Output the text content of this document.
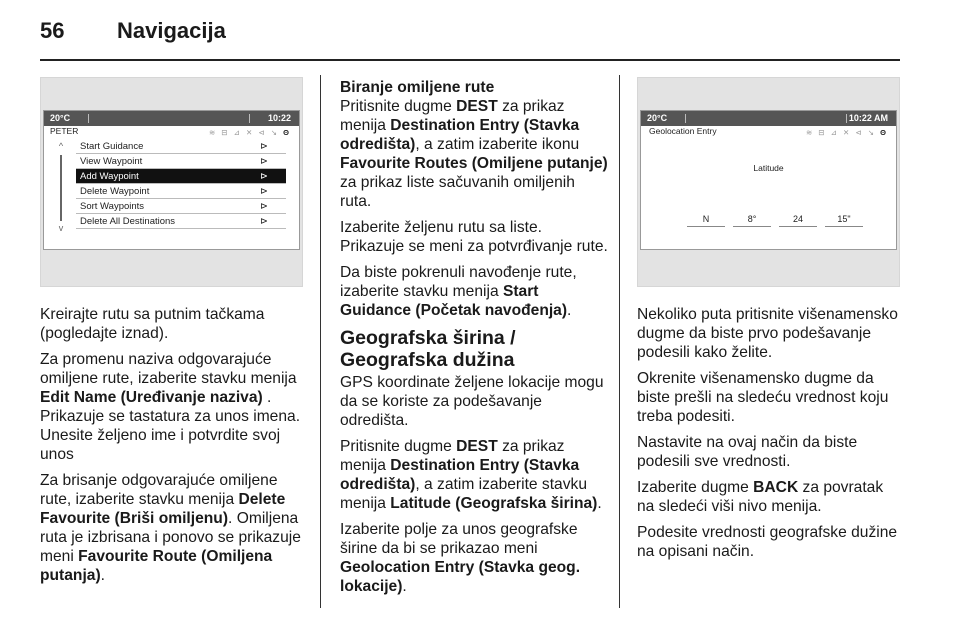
56 Navigacija
20°C	10:22
PETER	≋ ⊟ ⊿ ✕ ⊲ ↘ ʘ
^
v
Start Guidance	⊳
View Waypoint	⊳
Add Waypoint	⊳
Delete Waypoint	⊳
Sort Waypoints	⊳
Delete All Destinations	⊳

Kreirajte rutu sa putnim tačkama (pogledajte iznad).

Za promenu naziva odgovarajuće omiljene rute, izaberite stavku menija Edit Name (Uređivanje naziva) . Prikazuje se tastatura za unos imena. Unesite željeno ime i potvrdite svoj unos

Za brisanje odgovarajuće omiljene rute, izaberite stavku menija Delete Favourite (Briši omiljenu). Omiljena ruta je izbrisana i ponovo se prikazuje meni Favourite Route (Omiljena putanja).

Biranje omiljene rute

Pritisnite dugme DEST za prikaz menija Destination Entry (Stavka odredišta), a zatim izaberite ikonu Favourite Routes (Omiljene putanje) za prikaz liste sačuvanih omiljenih ruta.

Izaberite željenu rutu sa liste. Prikazuje se meni za potvrđivanje rute.

Da biste pokrenuli navođenje rute, izaberite stavku menija Start Guidance (Početak navođenja).

Geografska širina / Geografska dužina

GPS koordinate željene lokacije mogu da se koriste za podešavanje odredišta.

Pritisnite dugme DEST za prikaz menija Destination Entry (Stavka odredišta), a zatim izaberite stavku menija Latitude (Geografska širina).

Izaberite polje za unos geografske širine da bi se prikazao meni Geolocation Entry (Stavka geog. lokacije).

20°C	10:22 AM
Geolocation Entry	≋ ⊟ ⊿ ✕ ⊲ ↘ ʘ
Latitude
N	8°	24	15"

Nekoliko puta pritisnite višenamensko dugme da biste prvo podešavanje podesili kako želite.

Okrenite višenamensko dugme da biste prešli na sledeću vrednost koju treba podesiti.

Nastavite na ovaj način da biste podesili sve vrednosti.

Izaberite dugme BACK za povratak na sledeći viši nivo menija.

Podesite vrednosti geografske dužine na opisani način.
